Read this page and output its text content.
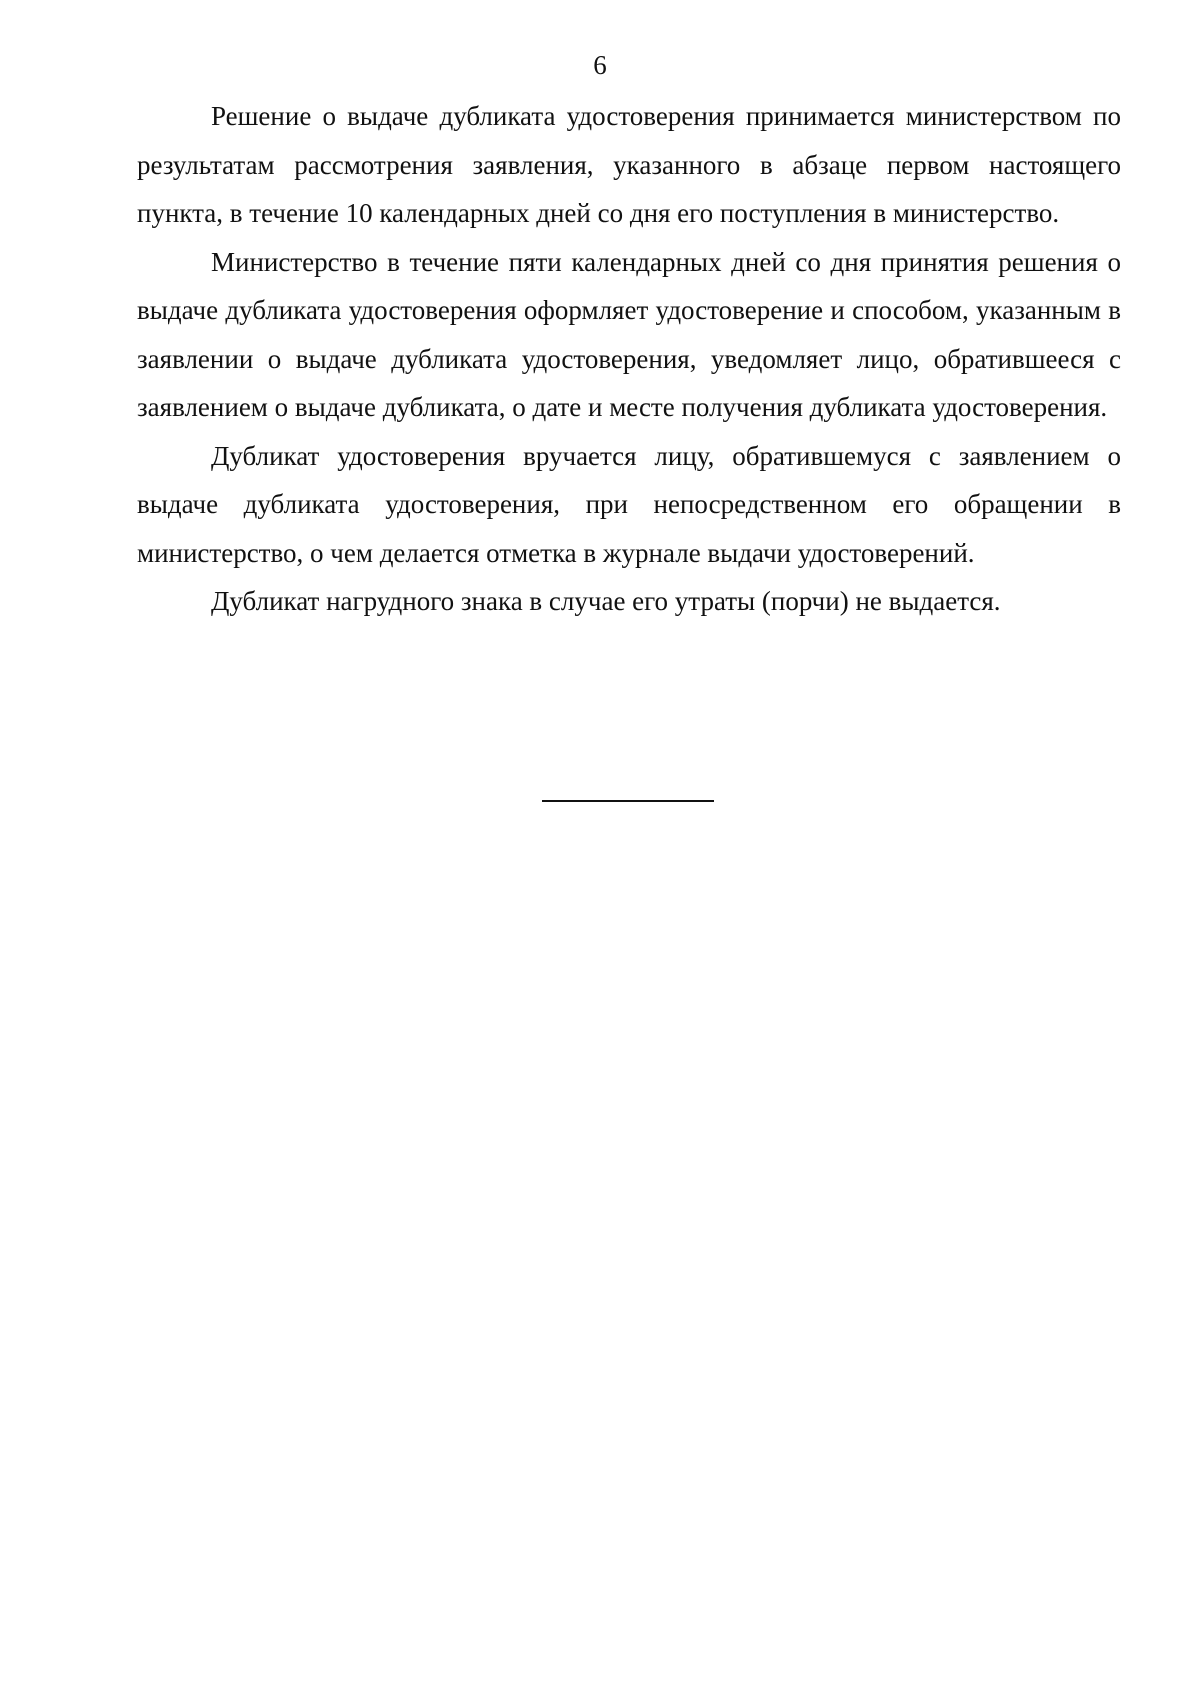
6

Решение о выдаче дубликата удостоверения принимается министерством по результатам рассмотрения заявления, указанного в абзаце первом настоящего пункта, в течение 10 календарных дней со дня его поступления в министерство.

Министерство в течение пяти календарных дней со дня принятия решения о выдаче дубликата удостоверения оформляет удостоверение и способом, указанным в заявлении о выдаче дубликата удостоверения, уведомляет лицо, обратившееся с заявлением о выдаче дубликата, о дате и месте получения дубликата удостоверения.

Дубликат удостоверения вручается лицу, обратившемуся с заявлением о выдаче дубликата удостоверения, при непосредственном его обращении в министерство, о чем делается отметка в журнале выдачи удостоверений.

Дубликат нагрудного знака в случае его утраты (порчи) не выдается.
